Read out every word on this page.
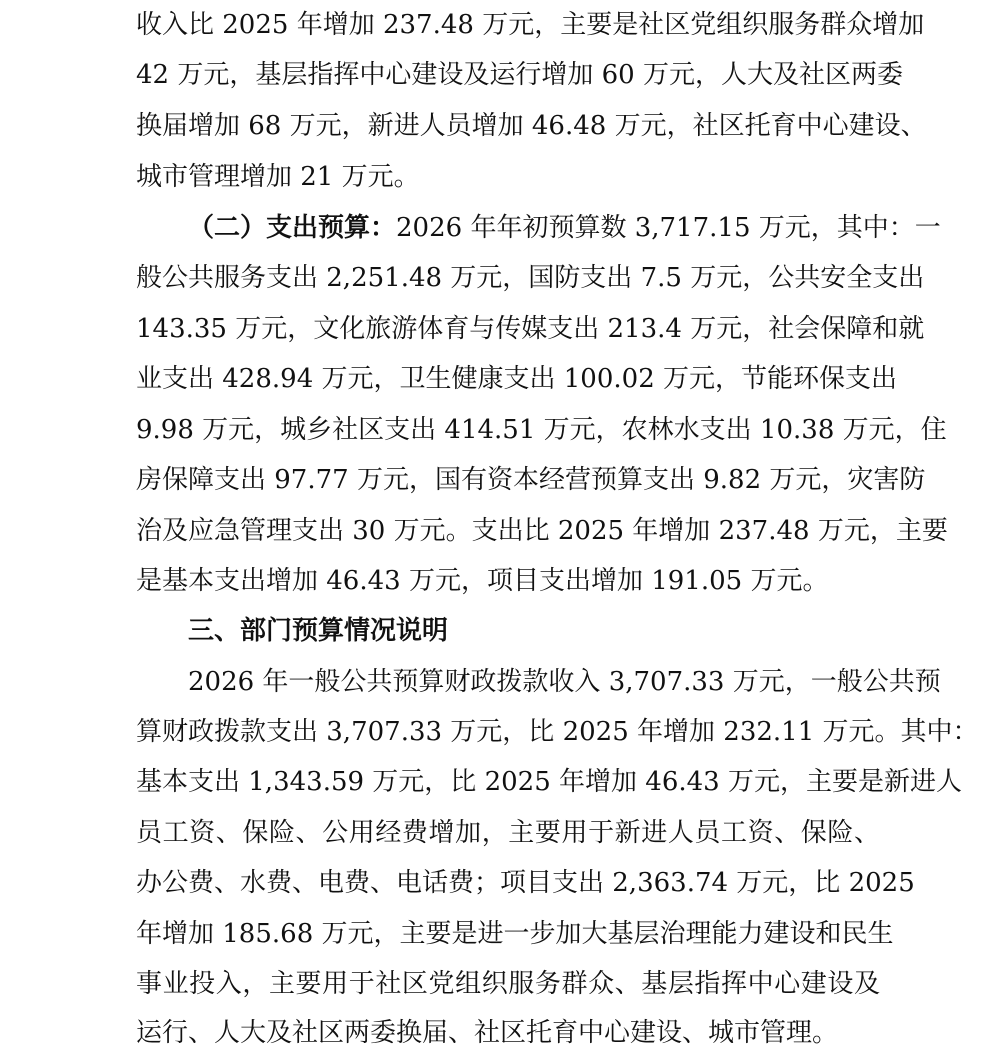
收入比 2025 年增加 237.48 万元，主要是社区党组织服务群众增加
42 万元，基层指挥中心建设及运行增加 60 万元，人大及社区两委
换届增加 68 万元，新进人员增加 46.48 万元，社区托育中心建设、
城市管理增加 21 万元。
（二）支出预算：2026 年年初预算数 3,717.15 万元，其中：一
般公共服务支出 2,251.48 万元，国防支出 7.5 万元，公共安全支出
143.35 万元，文化旅游体育与传媒支出 213.4 万元，社会保障和就
业支出 428.94 万元，卫生健康支出 100.02 万元，节能环保支出
9.98 万元，城乡社区支出 414.51 万元，农林水支出 10.38 万元，住
房保障支出 97.77 万元，国有资本经营预算支出 9.82 万元，灾害防
治及应急管理支出 30 万元。支出比 2025 年增加 237.48 万元，主要
是基本支出增加 46.43 万元，项目支出增加 191.05 万元。
三、部门预算情况说明
2026 年一般公共预算财政拨款收入 3,707.33 万元，一般公共预
算财政拨款支出 3,707.33 万元，比 2025 年增加 232.11 万元。其中：
基本支出 1,343.59 万元，比 2025 年增加 46.43 万元，主要是新进人
员工资、保险、公用经费增加，主要用于新进人员工资、保险、
办公费、水费、电费、电话费；项目支出 2,363.74 万元，比 2025
年增加 185.68 万元，主要是进一步加大基层治理能力建设和民生
事业投入，主要用于社区党组织服务群众、基层指挥中心建设及
运行、人大及社区两委换届、社区托育中心建设、城市管理。
